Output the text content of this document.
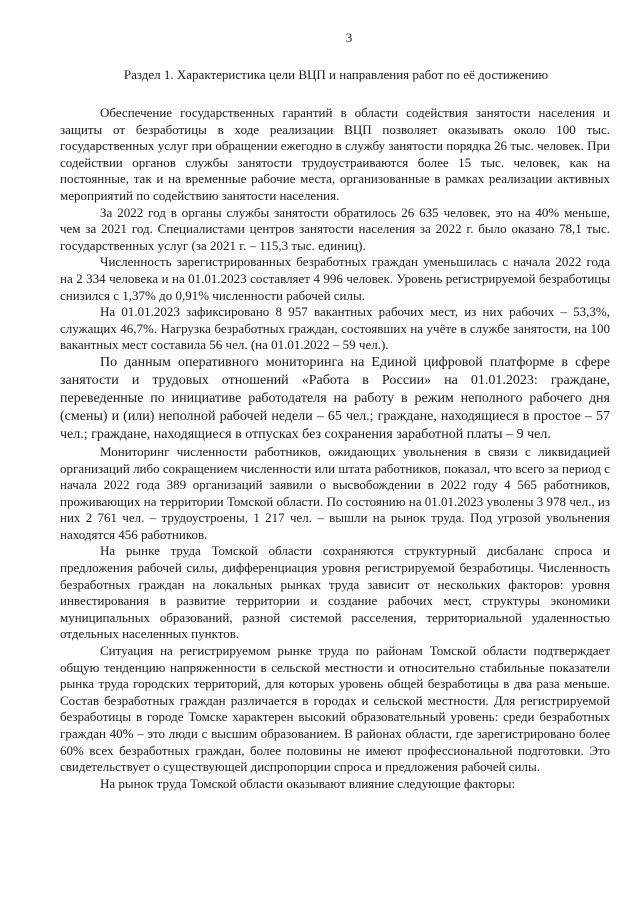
3
Раздел 1. Характеристика цели ВЦП и направления работ по её достижению

Обеспечение государственных гарантий в области содействия занятости населения и защиты от безработицы в ходе реализации ВЦП позволяет оказывать около 100 тыс. государственных услуг при обращении ежегодно в службу занятости порядка 26 тыс. человек. При содействии органов службы занятости трудоустраиваются более 15 тыс. человек, как на постоянные, так и на временные рабочие места, организованные в рамках реализации активных мероприятий по содействию занятости населения.

За 2022 год в органы службы занятости обратилось 26 635 человек, это на 40% меньше, чем за 2021 год. Специалистами центров занятости населения за 2022 г. было оказано 78,1 тыс. государственных услуг (за 2021 г. – 115,3 тыс. единиц).

Численность зарегистрированных безработных граждан уменьшилась с начала 2022 года на 2 334 человека и на 01.01.2023 составляет 4 996 человек. Уровень регистрируемой безработицы снизился с 1,37% до 0,91% численности рабочей силы.

На 01.01.2023 зафиксировано 8 957 вакантных рабочих мест, из них рабочих – 53,3%, служащих 46,7%. Нагрузка безработных граждан, состоявших на учёте в службе занятости, на 100 вакантных мест составила 56 чел. (на 01.01.2022 – 59 чел.).

По данным оперативного мониторинга на Единой цифровой платформе в сфере занятости и трудовых отношений «Работа в России» на 01.01.2023: граждане, переведенные по инициативе работодателя на работу в режим неполного рабочего дня (смены) и (или) неполной рабочей недели – 65 чел.; граждане, находящиеся в простое – 57 чел.; граждане, находящиеся в отпусках без сохранения заработной платы – 9 чел.

Мониторинг численности работников, ожидающих увольнения в связи с ликвидацией организаций либо сокращением численности или штата работников, показал, что всего за период с начала 2022 года 389 организаций заявили о высвобождении в 2022 году 4 565 работников, проживающих на территории Томской области. По состоянию на 01.01.2023 уволены 3 978 чел., из них 2 761 чел. – трудоустроены, 1 217 чел. – вышли на рынок труда. Под угрозой увольнения находятся 456 работников.

На рынке труда Томской области сохраняются структурный дисбаланс спроса и предложения рабочей силы, дифференциация уровня регистрируемой безработицы. Численность безработных граждан на локальных рынках труда зависит от нескольких факторов: уровня инвестирования в развитие территории и создание рабочих мест, структуры экономики муниципальных образований, разной системой расселения, территориальной удаленностью отдельных населенных пунктов.

Ситуация на регистрируемом рынке труда по районам Томской области подтверждает общую тенденцию напряженности в сельской местности и относительно стабильные показатели рынка труда городских территорий, для которых уровень общей безработицы в два раза меньше. Состав безработных граждан различается в городах и сельской местности. Для регистрируемой безработицы в городе Томске характерен высокий образовательный уровень: среди безработных граждан 40% – это люди с высшим образованием. В районах области, где зарегистрировано более 60% всех безработных граждан, более половины не имеют профессиональной подготовки. Это свидетельствует о существующей диспропорции спроса и предложения рабочей силы.

На рынок труда Томской области оказывают влияние следующие факторы:
